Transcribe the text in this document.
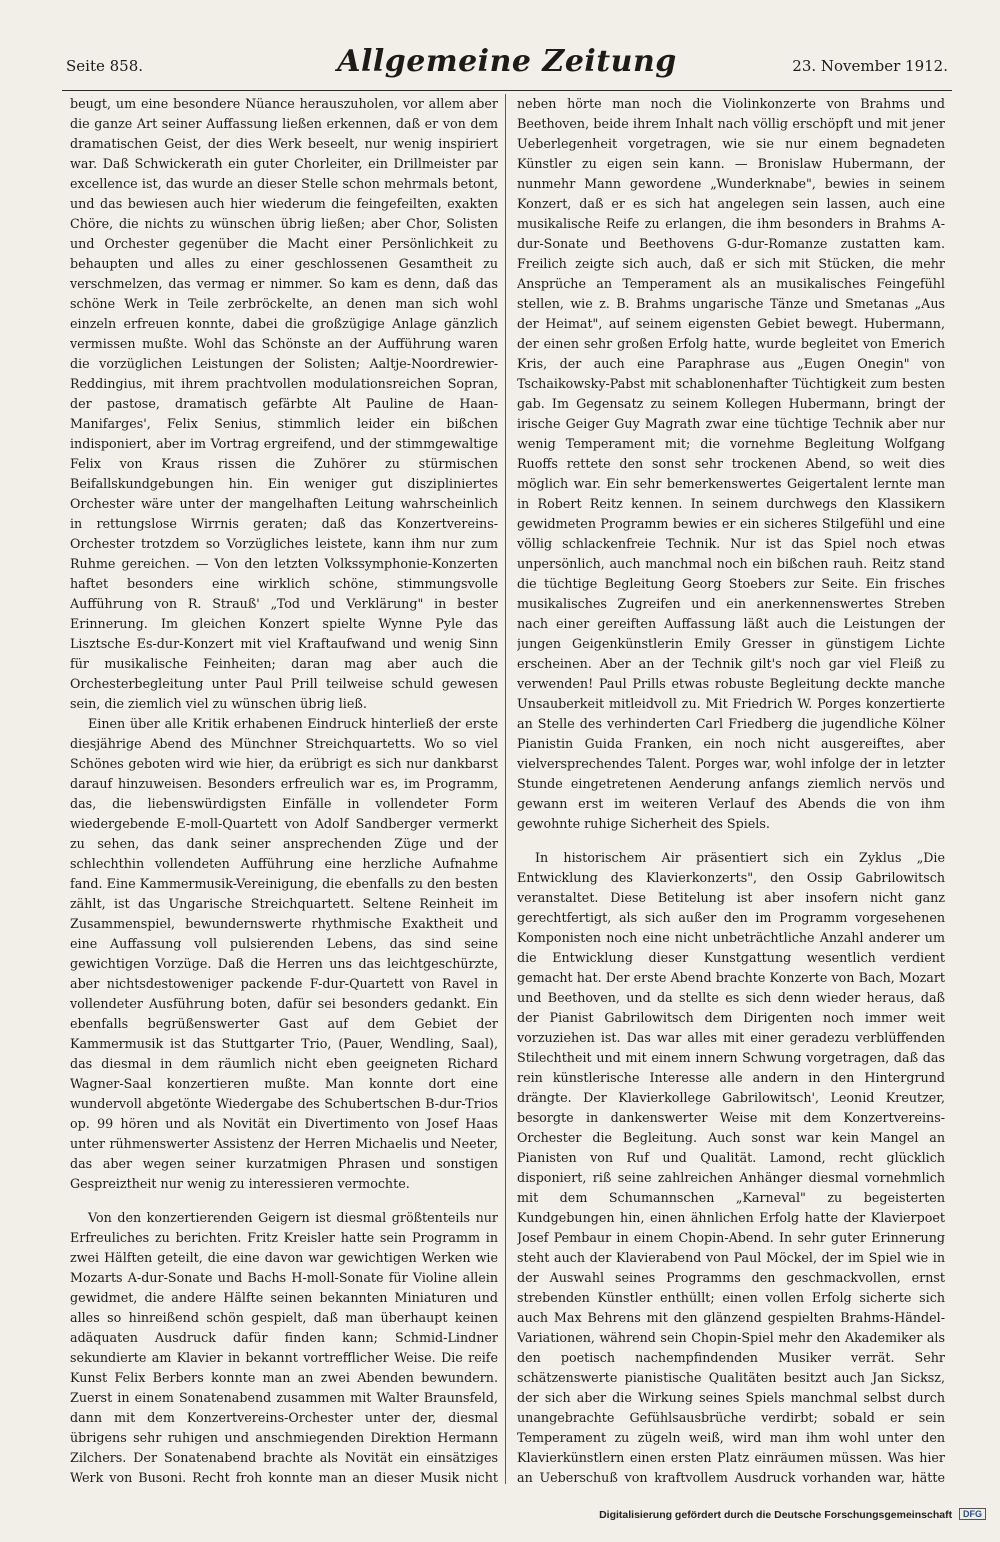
Seite 858.	Allgemeine Zeitung	23. November 1912.

beugt, um eine besondere Nüance herauszuholen, vor allem aber die ganze Art seiner Auffassung ließen erkennen, daß er von dem dramatischen Geist, der dies Werk beseelt, nur wenig inspiriert war. Daß Schwickerath ein guter Chorleiter, ein Drillmeister par excellence ist, das wurde an dieser Stelle schon mehrmals betont, und das bewiesen auch hier wiederum die feingefeilten, exakten Chöre, die nichts zu wünschen übrig ließen; aber Chor, Solisten und Orchester gegenüber die Macht einer Persönlichkeit zu behaupten und alles zu einer geschlossenen Gesamtheit zu verschmelzen, das vermag er nimmer. So kam es denn, daß das schöne Werk in Teile zerbröckelte, an denen man sich wohl einzeln erfreuen konnte, dabei die großzügige Anlage gänzlich vermissen mußte. Wohl das Schönste an der Aufführung waren die vorzüglichen Leistungen der Solisten; Aaltje-Noordrewier-Reddingius, mit ihrem prachtvollen modulationsreichen Sopran, der pastose, dramatisch gefärbte Alt Pauline de Haan-Manifarges', Felix Senius, stimmlich leider ein bißchen indisponiert, aber im Vortrag ergreifend, und der stimmgewaltige Felix von Kraus rissen die Zuhörer zu stürmischen Beifallskundgebungen hin. Ein weniger gut diszipliniertes Orchester wäre unter der mangelhaften Leitung wahrscheinlich in rettungslose Wirrnis geraten; daß das Konzertvereins-Orchester trotzdem so Vorzügliches leistete, kann ihm nur zum Ruhme gereichen. — Von den letzten Volkssymphonie-Konzerten haftet besonders eine wirklich schöne, stimmungsvolle Aufführung von R. Strauß' „Tod und Verklärung" in bester Erinnerung. Im gleichen Konzert spielte Wynne Pyle das Lisztsche Es-dur-Konzert mit viel Kraftaufwand und wenig Sinn für musikalische Feinheiten; daran mag aber auch die Orchesterbegleitung unter Paul Prill teilweise schuld gewesen sein, die ziemlich viel zu wünschen übrig ließ.

Einen über alle Kritik erhabenen Eindruck hinterließ der erste diesjährige Abend des Münchner Streichquartetts. Wo so viel Schönes geboten wird wie hier, da erübrigt es sich nur dankbarst darauf hinzuweisen. Besonders erfreulich war es, im Programm, das, die liebenswürdigsten Einfälle in vollendeter Form wiedergebende E-moll-Quartett von Adolf Sandberger vermerkt zu sehen, das dank seiner ansprechenden Züge und der schlechthin vollendeten Aufführung eine herzliche Aufnahme fand. Eine Kammermusik-Vereinigung, die ebenfalls zu den besten zählt, ist das Ungarische Streichquartett. Seltene Reinheit im Zusammenspiel, bewundernswerte rhythmische Exaktheit und eine Auffassung voll pulsierenden Lebens, das sind seine gewichtigen Vorzüge. Daß die Herren uns das leichtgeschürzte, aber nichtsdestoweniger packende F-dur-Quartett von Ravel in vollendeter Ausführung boten, dafür sei besonders gedankt. Ein ebenfalls begrüßenswerter Gast auf dem Gebiet der Kammermusik ist das Stuttgarter Trio, (Pauer, Wendling, Saal), das diesmal in dem räumlich nicht eben geeigneten Richard Wagner-Saal konzertieren mußte. Man konnte dort eine wundervoll abgetönte Wiedergabe des Schubertschen B-dur-Trios op. 99 hören und als Novität ein Divertimento von Josef Haas unter rühmenswerter Assistenz der Herren Michaelis und Neeter, das aber wegen seiner kurzatmigen Phrasen und sonstigen Gespreiztheit nur wenig zu interessieren vermochte.

Von den konzertierenden Geigern ist diesmal größtenteils nur Erfreuliches zu berichten. Fritz Kreisler hatte sein Programm in zwei Hälften geteilt, die eine davon war gewichtigen Werken wie Mozarts A-dur-Sonate und Bachs H-moll-Sonate für Violine allein gewidmet, die andere Hälfte seinen bekannten Miniaturen und alles so hinreißend schön gespielt, daß man überhaupt keinen adäquaten Ausdruck dafür finden kann; Schmid-Lindner sekundierte am Klavier in bekannt vortrefflicher Weise. Die reife Kunst Felix Berbers konnte man an zwei Abenden bewundern. Zuerst in einem Sonatenabend zusammen mit Walter Braunsfeld, dann mit dem Konzertvereins-Orchester unter der, diesmal übrigens sehr ruhigen und anschmiegenden Direktion Hermann Zilchers. Der Sonatenabend brachte als Novität ein einsätziges Werk von Busoni. Recht froh konnte man an dieser Musik nicht

neben hörte man noch die Violinkonzerte von Brahms und Beethoven, beide ihrem Inhalt nach völlig erschöpft und mit jener Ueberlegenheit vorgetragen, wie sie nur einem begnadeten Künstler zu eigen sein kann. — Bronislaw Hubermann, der nunmehr Mann gewordene „Wunderknabe", bewies in seinem Konzert, daß er es sich hat angelegen sein lassen, auch eine musikalische Reife zu erlangen, die ihm besonders in Brahms A-dur-Sonate und Beethovens G-dur-Romanze zustatten kam. Freilich zeigte sich auch, daß er sich mit Stücken, die mehr Ansprüche an Temperament als an musikalisches Feingefühl stellen, wie z. B. Brahms ungarische Tänze und Smetanas „Aus der Heimat", auf seinem eigensten Gebiet bewegt. Hubermann, der einen sehr großen Erfolg hatte, wurde begleitet von Emerich Kris, der auch eine Paraphrase aus „Eugen Onegin" von Tschaikowsky-Pabst mit schablonenhafter Tüchtigkeit zum besten gab. Im Gegensatz zu seinem Kollegen Hubermann, bringt der irische Geiger Guy Magrath zwar eine tüchtige Technik aber nur wenig Temperament mit; die vornehme Begleitung Wolfgang Ruoffs rettete den sonst sehr trockenen Abend, so weit dies möglich war. Ein sehr bemerkenswertes Geigertalent lernte man in Robert Reitz kennen. In seinem durchwegs den Klassikern gewidmeten Programm bewies er ein sicheres Stilgefühl und eine völlig schlackenfreie Technik. Nur ist das Spiel noch etwas unpersönlich, auch manchmal noch ein bißchen rauh. Reitz stand die tüchtige Begleitung Georg Stoebers zur Seite. Ein frisches musikalisches Zugreifen und ein anerkennenswertes Streben nach einer gereiften Auffassung läßt auch die Leistungen der jungen Geigenkünstlerin Emily Gresser in günstigem Lichte erscheinen. Aber an der Technik gilt's noch gar viel Fleiß zu verwenden! Paul Prills etwas robuste Begleitung deckte manche Unsauberkeit mitleidvoll zu. Mit Friedrich W. Porges konzertierte an Stelle des verhinderten Carl Friedberg die jugendliche Kölner Pianistin Guida Franken, ein noch nicht ausgereiftes, aber vielversprechendes Talent. Porges war, wohl infolge der in letzter Stunde eingetretenen Aenderung anfangs ziemlich nervös und gewann erst im weiteren Verlauf des Abends die von ihm gewohnte ruhige Sicherheit des Spiels.

In historischem Air präsentiert sich ein Zyklus „Die Entwicklung des Klavierkonzerts", den Ossip Gabrilowitsch veranstaltet. Diese Betitelung ist aber insofern nicht ganz gerechtfertigt, als sich außer den im Programm vorgesehenen Komponisten noch eine nicht unbeträchtliche Anzahl anderer um die Entwicklung dieser Kunstgattung wesentlich verdient gemacht hat. Der erste Abend brachte Konzerte von Bach, Mozart und Beethoven, und da stellte es sich denn wieder heraus, daß der Pianist Gabrilowitsch dem Dirigenten noch immer weit vorzuziehen ist. Das war alles mit einer geradezu verblüffenden Stilechtheit und mit einem innern Schwung vorgetragen, daß das rein künstlerische Interesse alle andern in den Hintergrund drängte. Der Klavierkollege Gabrilowitsch', Leonid Kreutzer, besorgte in dankenswerter Weise mit dem Konzertvereins-Orchester die Begleitung. Auch sonst war kein Mangel an Pianisten von Ruf und Qualität. Lamond, recht glücklich disponiert, riß seine zahlreichen Anhänger diesmal vornehmlich mit dem Schumannschen „Karneval" zu begeisterten Kundgebungen hin, einen ähnlichen Erfolg hatte der Klavierpoet Josef Pembaur in einem Chopin-Abend. In sehr guter Erinnerung steht auch der Klavierabend von Paul Möckel, der im Spiel wie in der Auswahl seines Programms den geschmackvollen, ernst strebenden Künstler enthüllt; einen vollen Erfolg sicherte sich auch Max Behrens mit den glänzend gespielten Brahms-Händel-Variationen, während sein Chopin-Spiel mehr den Akademiker als den poetisch nachempfindenden Musiker verrät. Sehr schätzenswerte pianistische Qualitäten besitzt auch Jan Sicksz, der sich aber die Wirkung seines Spiels manchmal selbst durch unangebrachte Gefühlsausbrüche verdirbt; sobald er sein Temperament zu zügeln weiß, wird man ihm wohl unter den Klavierkünstlern einen ersten Platz einräumen müssen. Was hier an Ueberschuß von kraftvollem Ausdruck vorhanden war, hätte

Digitalisierung gefördert durch die Deutsche Forschungsgemeinschaft DFG
